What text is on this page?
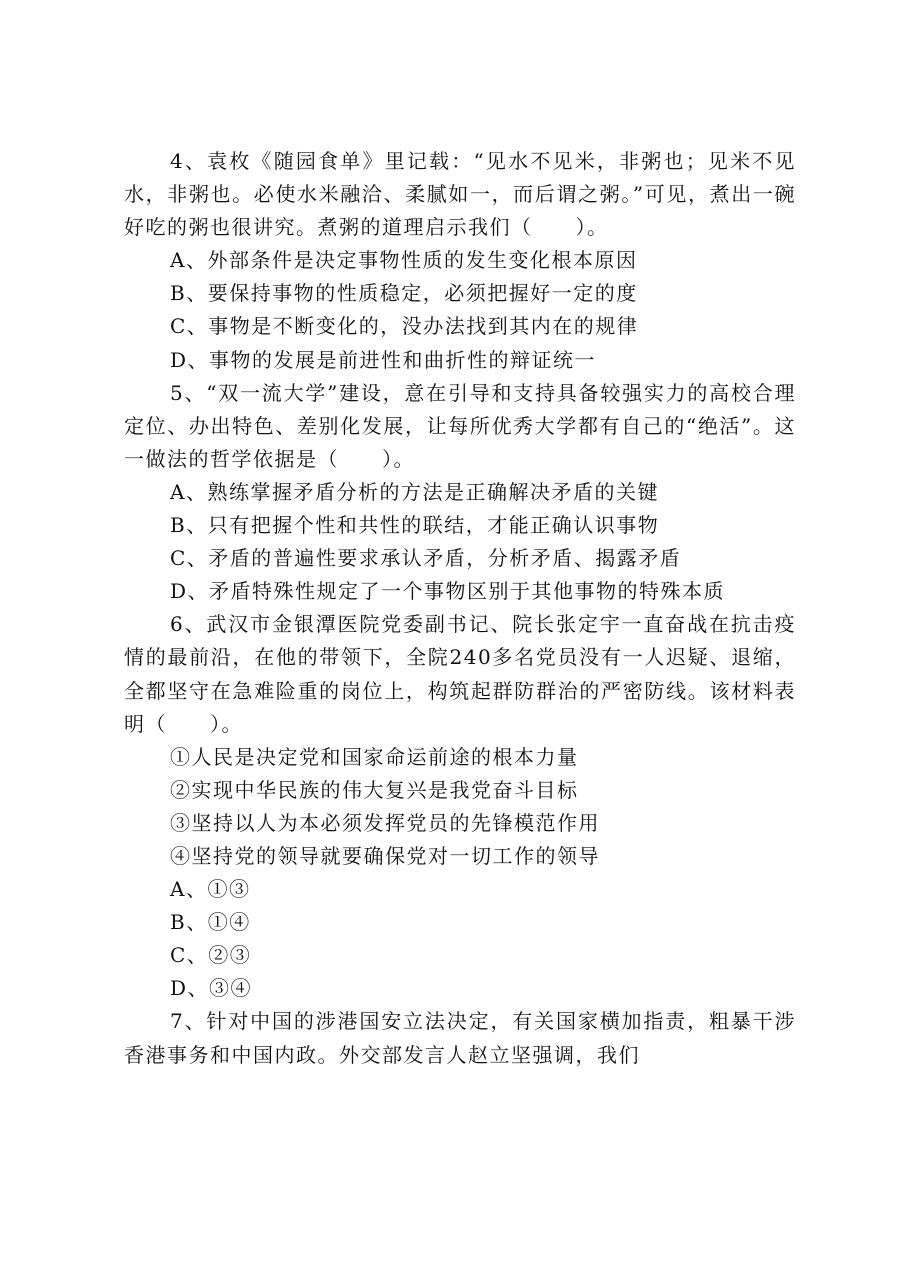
4、袁枚《随园食单》里记载：“见水不见米，非粥也；见米不见水，非粥也。必使水米融洽、柔腻如一，而后谓之粥。”可见，煮出一碗好吃的粥也很讲究。煮粥的道理启示我们（　　）。

A、外部条件是决定事物性质的发生变化根本原因

B、要保持事物的性质稳定，必须把握好一定的度

C、事物是不断变化的，没办法找到其内在的规律

D、事物的发展是前进性和曲折性的辩证统一

5、“双一流大学”建设，意在引导和支持具备较强实力的高校合理定位、办出特色、差别化发展，让每所优秀大学都有自己的“绝活”。这一做法的哲学依据是（　　）。

A、熟练掌握矛盾分析的方法是正确解决矛盾的关键

B、只有把握个性和共性的联结，才能正确认识事物

C、矛盾的普遍性要求承认矛盾，分析矛盾、揭露矛盾

D、矛盾特殊性规定了一个事物区别于其他事物的特殊本质

6、武汉市金银潭医院党委副书记、院长张定宇一直奋战在抗击疫情的最前沿，在他的带领下，全院240多名党员没有一人迟疑、退缩，全都坚守在急难险重的岗位上，构筑起群防群治的严密防线。该材料表明（　　）。

①人民是决定党和国家命运前途的根本力量

②实现中华民族的伟大复兴是我党奋斗目标

③坚持以人为本必须发挥党员的先锋模范作用

④坚持党的领导就要确保党对一切工作的领导

A、①③

B、①④

C、②③

D、③④

7、针对中国的涉港国安立法决定，有关国家横加指责，粗暴干涉香港事务和中国内政。外交部发言人赵立坚强调，我们
